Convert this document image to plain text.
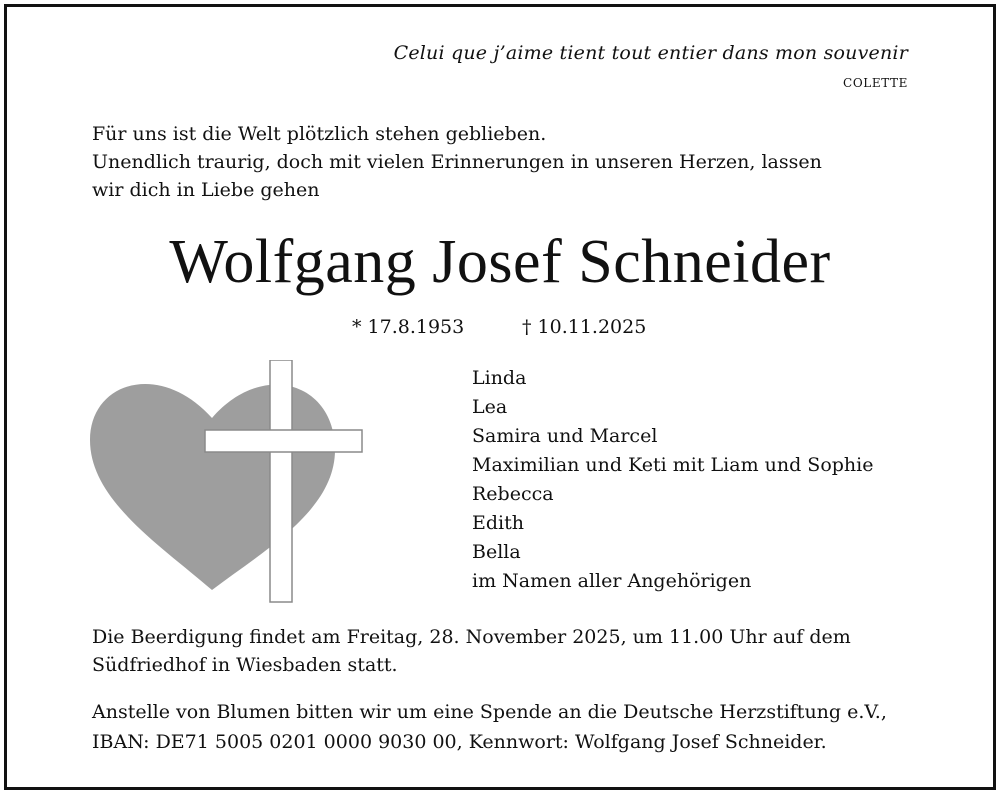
Celui que j’aime tient tout entier dans mon souvenir
COLETTE
Für uns ist die Welt plötzlich stehen geblieben.
Unendlich traurig, doch mit vielen Erinnerungen in unseren Herzen, lassen
wir dich in Liebe gehen
Wolfgang Josef Schneider
* 17.8.1953	† 10.11.2025
Linda
Lea
Samira und Marcel
Maximilian und Keti mit Liam und Sophie
Rebecca
Edith
Bella
im Namen aller Angehörigen
Die Beerdigung findet am Freitag, 28. November 2025, um 11.00 Uhr auf dem
Südfriedhof in Wiesbaden statt.
Anstelle von Blumen bitten wir um eine Spende an die Deutsche Herzstiftung e.V.,
IBAN: DE71 5005 0201 0000 9030 00, Kennwort: Wolfgang Josef Schneider.
